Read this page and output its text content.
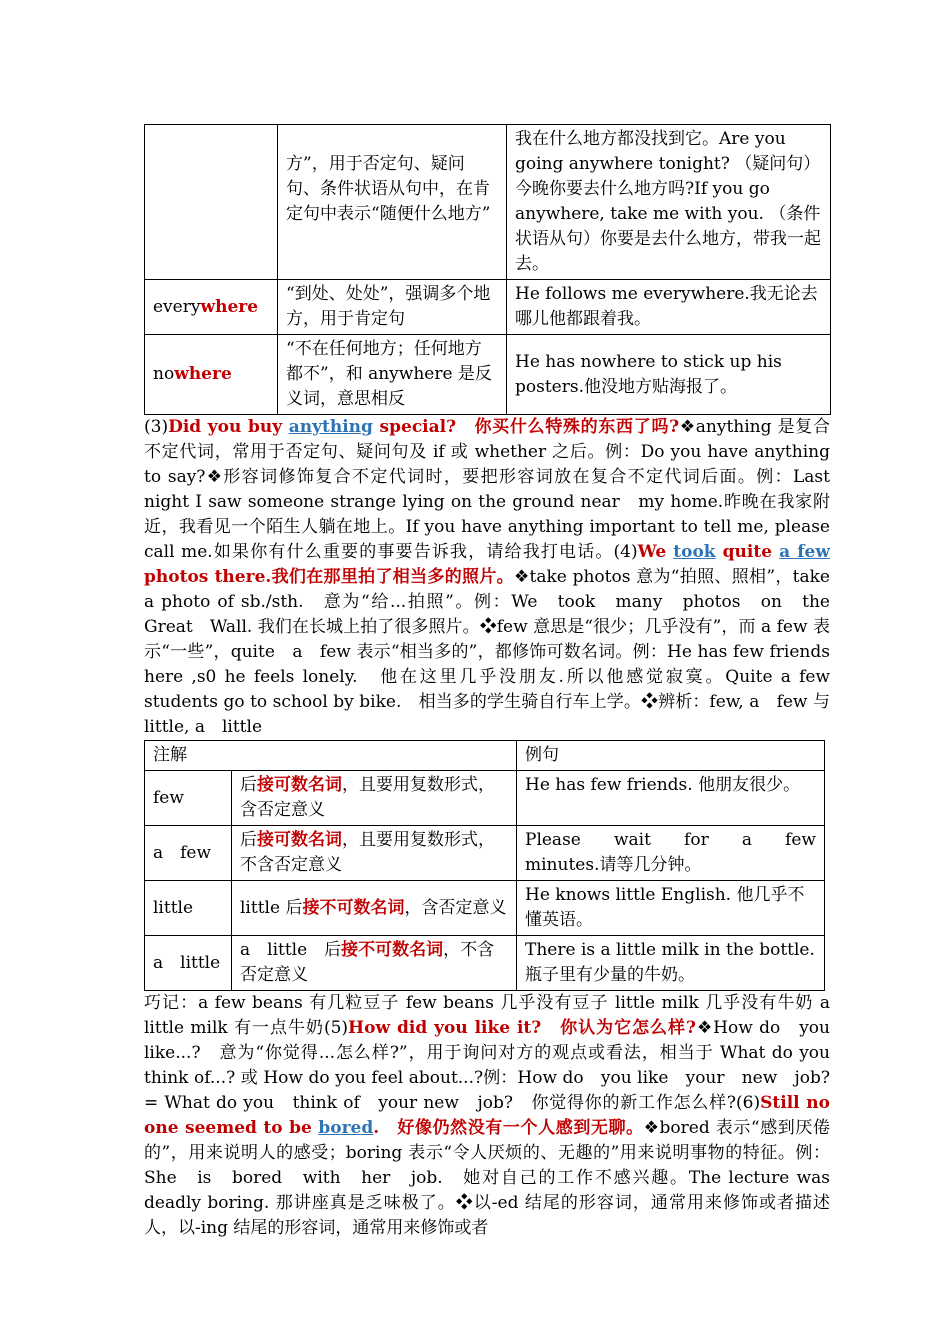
	方”，用于否定句、疑问句、条件状语从句中，在肯定句中表示“随便什么地方”	我在什么地方都没找到它。Are you going anywhere tonight? （疑问句）今晚你要去什么地方吗?If you go anywhere, take me with you. （条件状语从句）你要是去什么地方，带我一起去。
everywhere	“到处、处处”，强调多个地方，用于肯定句	He follows me everywhere.我无论去哪儿他都跟着我。
nowhere	“不在任何地方；任何地方都不”，和 anywhere 是反义词，意思相反	He has nowhere to stick up his posters.他没地方贴海报了。

(3)Did you buy anything special?　你买什么特殊的东西了吗?❖anything 是复合不定代词，常用于否定句、疑问句及 if 或 whether 之后。例：Do you have anything to say?❖形容词修饰复合不定代词时，要把形容词放在复合不定代词后面。例：Last night I saw someone strange lying on the ground near　my home.昨晚在我家附近，我看见一个陌生人躺在地上。If you have anything important to tell me, please call me.如果你有什么重要的事要告诉我，请给我打电话。(4)We took quite a few photos there.我们在那里拍了相当多的照片。❖take photos 意为“拍照、照相”，take a photo of sb./sth.　意为“给...拍照”。例：We　took　many　photos　on　the　Great　Wall. 我们在长城上拍了很多照片。❖few 意思是“很少；几乎没有”，而 a few 表示“一些”，quite　a　few 表示“相当多的”，都修饰可数名词。例：He has few friends here ,s0 he feels lonely.　他在这里几乎没朋友.所以他感觉寂寞。Quite a few students go to school by bike.　相当多的学生骑自行车上学。❖辨析：few, a　few 与 little, a　little

注解		例句
few	后接可数名词，且要用复数形式，含否定意义	He has few friends. 他朋友很少。
a　few	后接可数名词，且要用复数形式，不含否定意义	Please　wait　for　a　few　minutes.请等几分钟。
little	little 后接不可数名词，含否定意义	He knows little English. 他几乎不懂英语。
a　little	a　little　后接不可数名词，不含否定意义	There is a little milk in the bottle.瓶子里有少量的牛奶。

巧记：a few beans 有几粒豆子 few beans 几乎没有豆子 little milk 几乎没有牛奶 a little milk 有一点牛奶(5)How did you like it?　你认为它怎么样?❖How do　you　like...?　意为“你觉得...怎么样?”，用于询问对方的观点或看法，相当于 What do you think of...? 或 How do you feel about...?例：How do　you like　your　new　job? = What do you　think of　your new　job?　你觉得你的新工作怎么样?(6)Still no one seemed to be bored.　好像仍然没有一个人感到无聊。❖bored 表示“感到厌倦的”，用来说明人的感受；boring 表示“令人厌烦的、无趣的”用来说明事物的特征。例：She　is　bored　with　her　job.　她对自己的工作不感兴趣。The lecture was deadly boring. 那讲座真是乏味极了。❖以-ed 结尾的形容词，通常用来修饰或者描述人，以-ing 结尾的形容词，通常用来修饰或者
